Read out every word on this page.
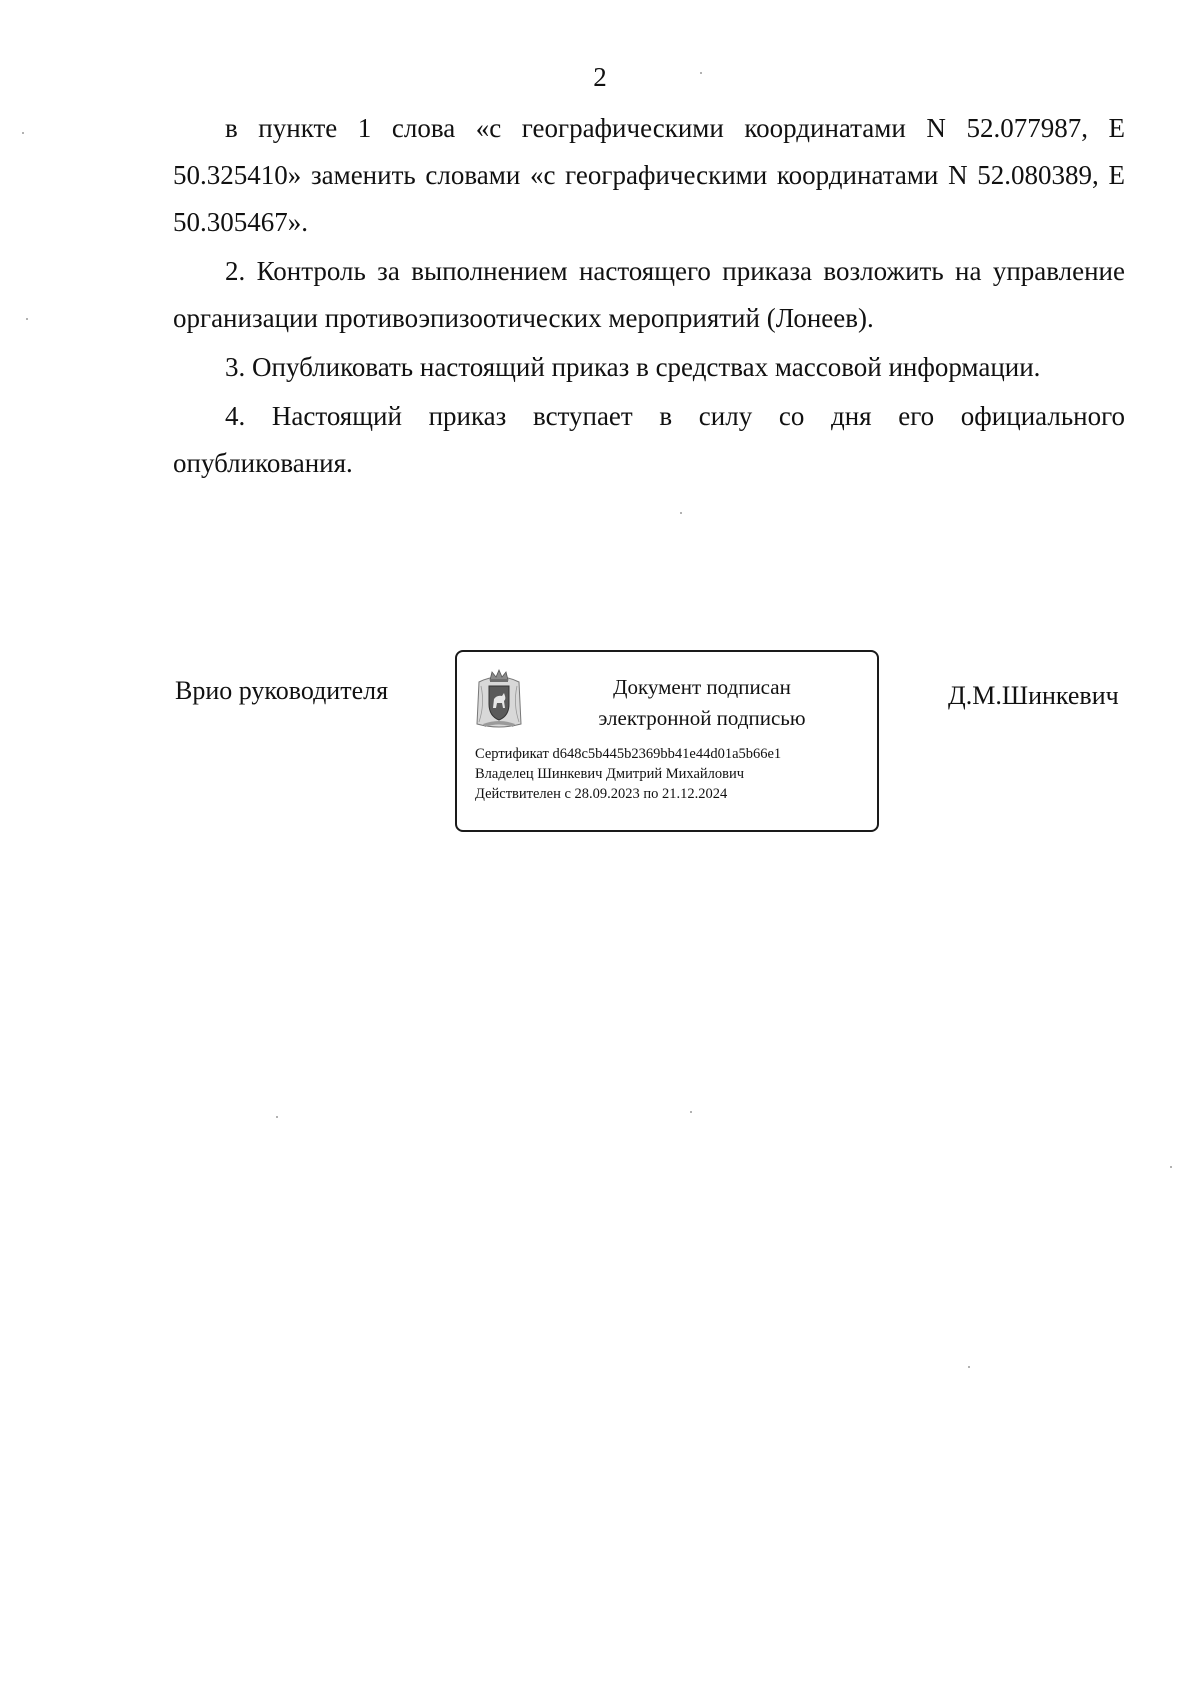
2

в пункте 1 слова «с географическими координатами N 52.077987, Е 50.325410» заменить словами «с географическими координатами N 52.080389, Е 50.305467».

2. Контроль за выполнением настоящего приказа возложить на управление организации противоэпизоотических мероприятий (Лонеев).

3. Опубликовать настоящий приказ в средствах массовой информации.

4. Настоящий приказ вступает в силу со дня его официального опубликования.

Врио руководителя	Документ подписан
электронной подписью
Сертификат d648c5b445b2369bb41e44d01a5b66e1
Владелец Шинкевич Дмитрий Михайлович
Действителен с 28.09.2023 по 21.12.2024
Д.М.Шинкевич
